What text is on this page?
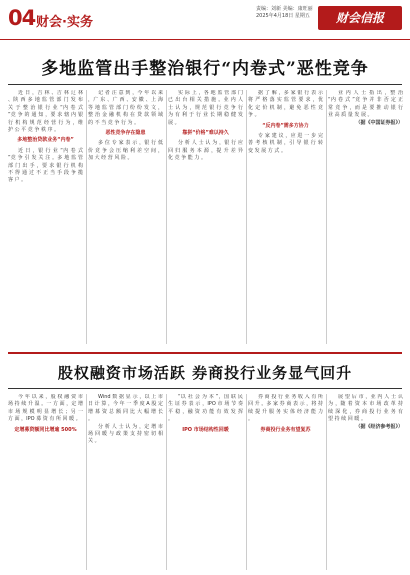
04 财会·实务
责编：刘新 美编：康旺丽
2025年4月18日 星期五	财会信报
多地监管出手整治银行“内卷式”恶性竞争

近 日 ，吉 林 、吉 林 辽 林 、陕 西 多 地 监 管 部 门 发 布 关 于 整 治 银 行 业 “内 卷 式 ”竞 争 的 通 知 ，要 求 辖 内 银 行 机 构 规 范 经 营 行 为 ，维 护 公 平 竞 争 秩 序 。

多地整治贷款业务“内卷”

近 日 ，银 行 业 “内 卷 式 ”竞 争 引 发 关 注 。多 地 监 管 部 门 出 手 ，要 求 银 行 机 构 不 得 通 过 不 正 当 手 段 争 揽 客 户 。

记 者 注 意 到 ，今 年 以 来 ，广 东 、广 西 、安 徽 、上 海 等 地 监 管 部 门 纷 纷 发 文 ，整 治 金 融 机 构 在 贷 款 领 域 的 不 当 竞 争 行 为 。

恶性竞争存在隐患

多 位 专 家 表 示 ，银 行 低 价 竞 争 会 压 缩 利 差 空 间 ，加 大 经 营 风 险 。

实 际 上 ，各 地 监 管 部 门 已 出 台 相 关 措 施 。业 内 人 士 认 为 ，规 范 银 行 竞 争 行 为 有 利 于 行 业 长 期 稳 健 发 展 。

靠拼“价格”难以持久

分 析 人 士 认 为 ，银 行 应 回 归 服 务 本 源 ，提 升 差 异 化 竞 争 能 力 。

据 了 解 ，多 家 银 行 表 示 将 严 格 落 实 监 管 要 求 ，优 化 定 价 机 制 ，避 免 恶 性 竞 争 。

“反内卷”需多方协力

专 家 建 议 ，应 进 一 步 完 善 考 核 机 制 ，引 导 银 行 转 变 发 展 方 式 。

业 内 人 士 指 出 ，整 治 “内 卷 式 ”竞 争 并 非 否 定 正 常 竞 争 ，而 是 要 推 动 银 行 业 高 质 量 发 展 。

（据《中国证券报》）

股权融资市场活跃 券商投行业务显气回升

今 年 以 来 ，股 权 融 资 市 场 持 续 升 温 。一 方 面 ，定 增 市 场 规 模 明 显 增 长 ；另 一 方 面 ，IPO 募 资 有 所 回 暖 。

定增募资额同比增逾 500%

Wind 数 据 显 示 ，以 上 市 日 计 算 ，今 年 一 季 度 A 股 定 增 募 资 总 额 同 比 大 幅 增 长 。

分 析 人 士 认 为 ，定 增 市 场 回 暖 与 政 策 支 持 密 切 相 关 。

“以 社 会 为 本 ”，国 联 民 生 证 券 表 示 ，IPO 市 场 节 奏 平 稳 ，融 资 功 能 有 效 发 挥 。

IPO 市场结构性回暖

券 商 投 行 业 务 收 入 有 所 回 升 。多 家 券 商 表 示 ，将 持 续 提 升 服 务 实 体 经 济 能 力 。

券商投行业务有望复苏

展 望 后 市 ，业 内 人 士 认 为 ，随 着 资 本 市 场 改 革 持 续 深 化 ，券 商 投 行 业 务 有 望 持 续 回 暖 。

（据《经济参考报》）
